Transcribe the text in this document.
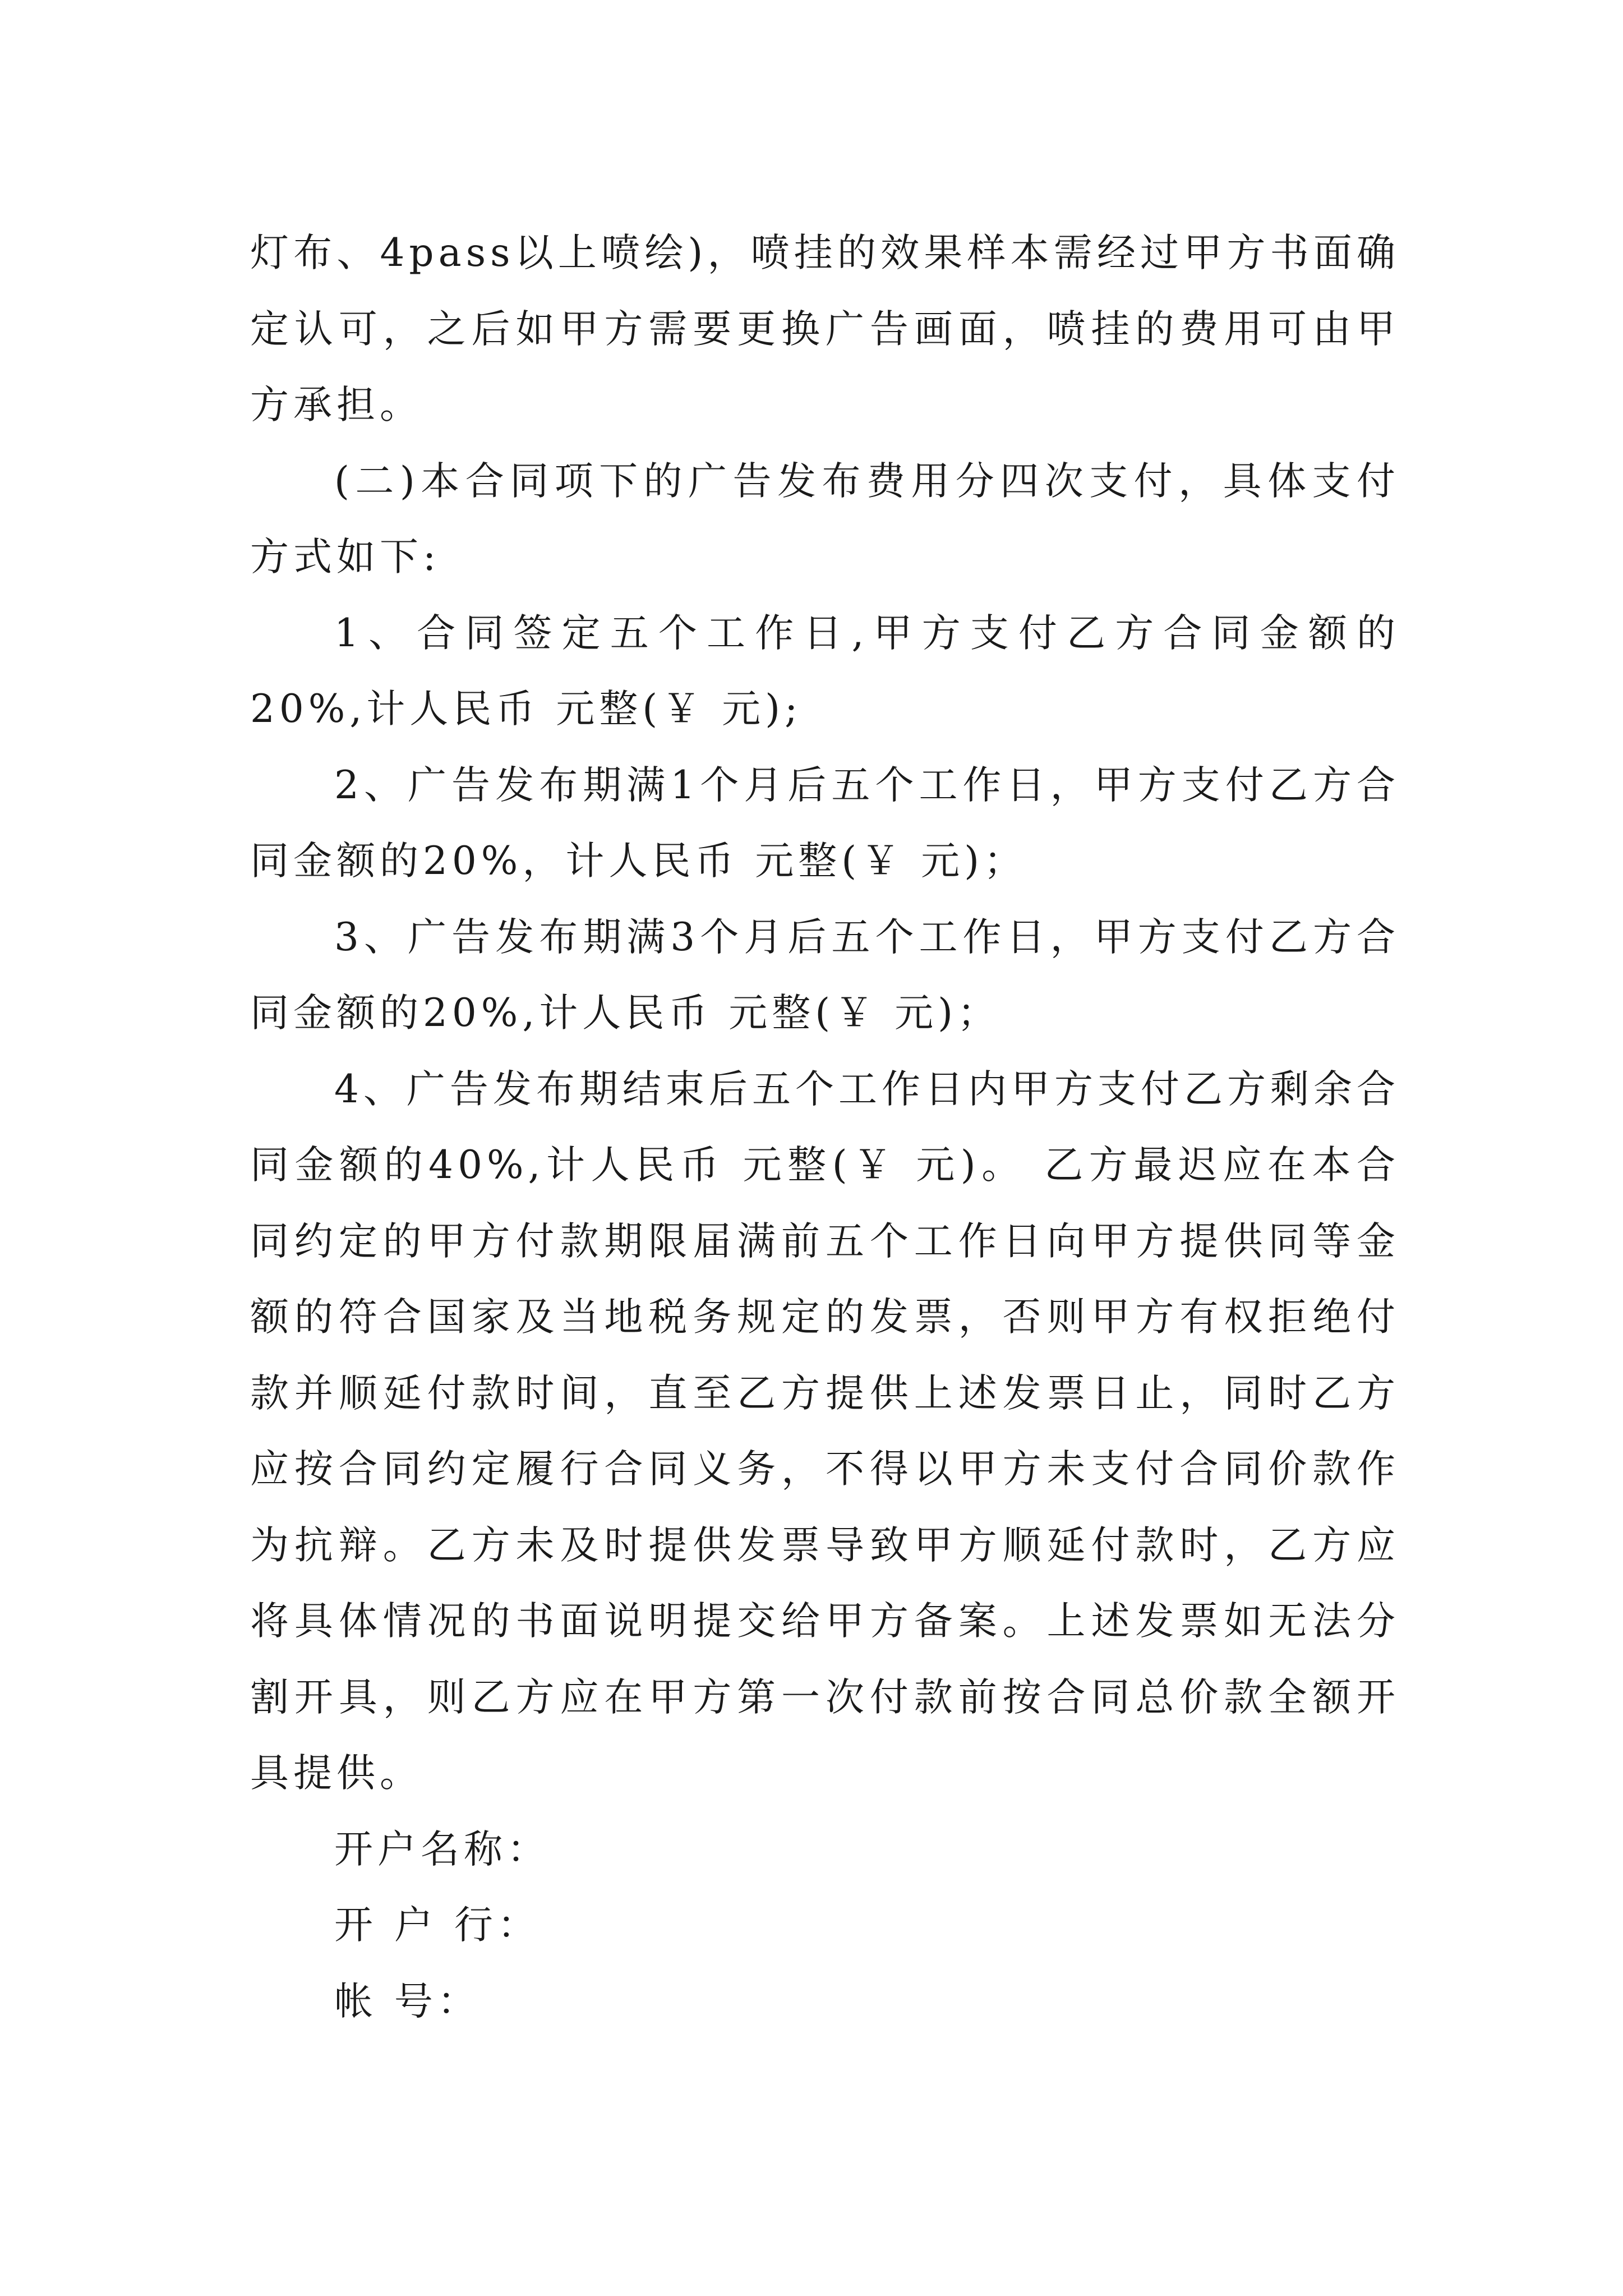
灯布、4pass以上喷绘)，喷挂的效果样本需经过甲方书面确定认可，之后如甲方需要更换广告画面，喷挂的费用可由甲方承担。

(二)本合同项下的广告发布费用分四次支付，具体支付方式如下:

1、合同签定五个工作日,甲方支付乙方合同金额的20%,计人民币 元整(￥ 元);

2、广告发布期满1个月后五个工作日，甲方支付乙方合同金额的20%，计人民币 元整(￥ 元)；

3、广告发布期满3个月后五个工作日，甲方支付乙方合同金额的20%,计人民币 元整(￥ 元)；

4、广告发布期结束后五个工作日内甲方支付乙方剩余合同金额的40%,计人民币 元整(￥ 元)。 乙方最迟应在本合同约定的甲方付款期限届满前五个工作日向甲方提供同等金额的符合国家及当地税务规定的发票，否则甲方有权拒绝付款并顺延付款时间，直至乙方提供上述发票日止，同时乙方应按合同约定履行合同义务，不得以甲方未支付合同价款作为抗辩。乙方未及时提供发票导致甲方顺延付款时，乙方应将具体情况的书面说明提交给甲方备案。上述发票如无法分割开具，则乙方应在甲方第一次付款前按合同总价款全额开具提供。

开户名称：

开 户 行：

帐 号：
